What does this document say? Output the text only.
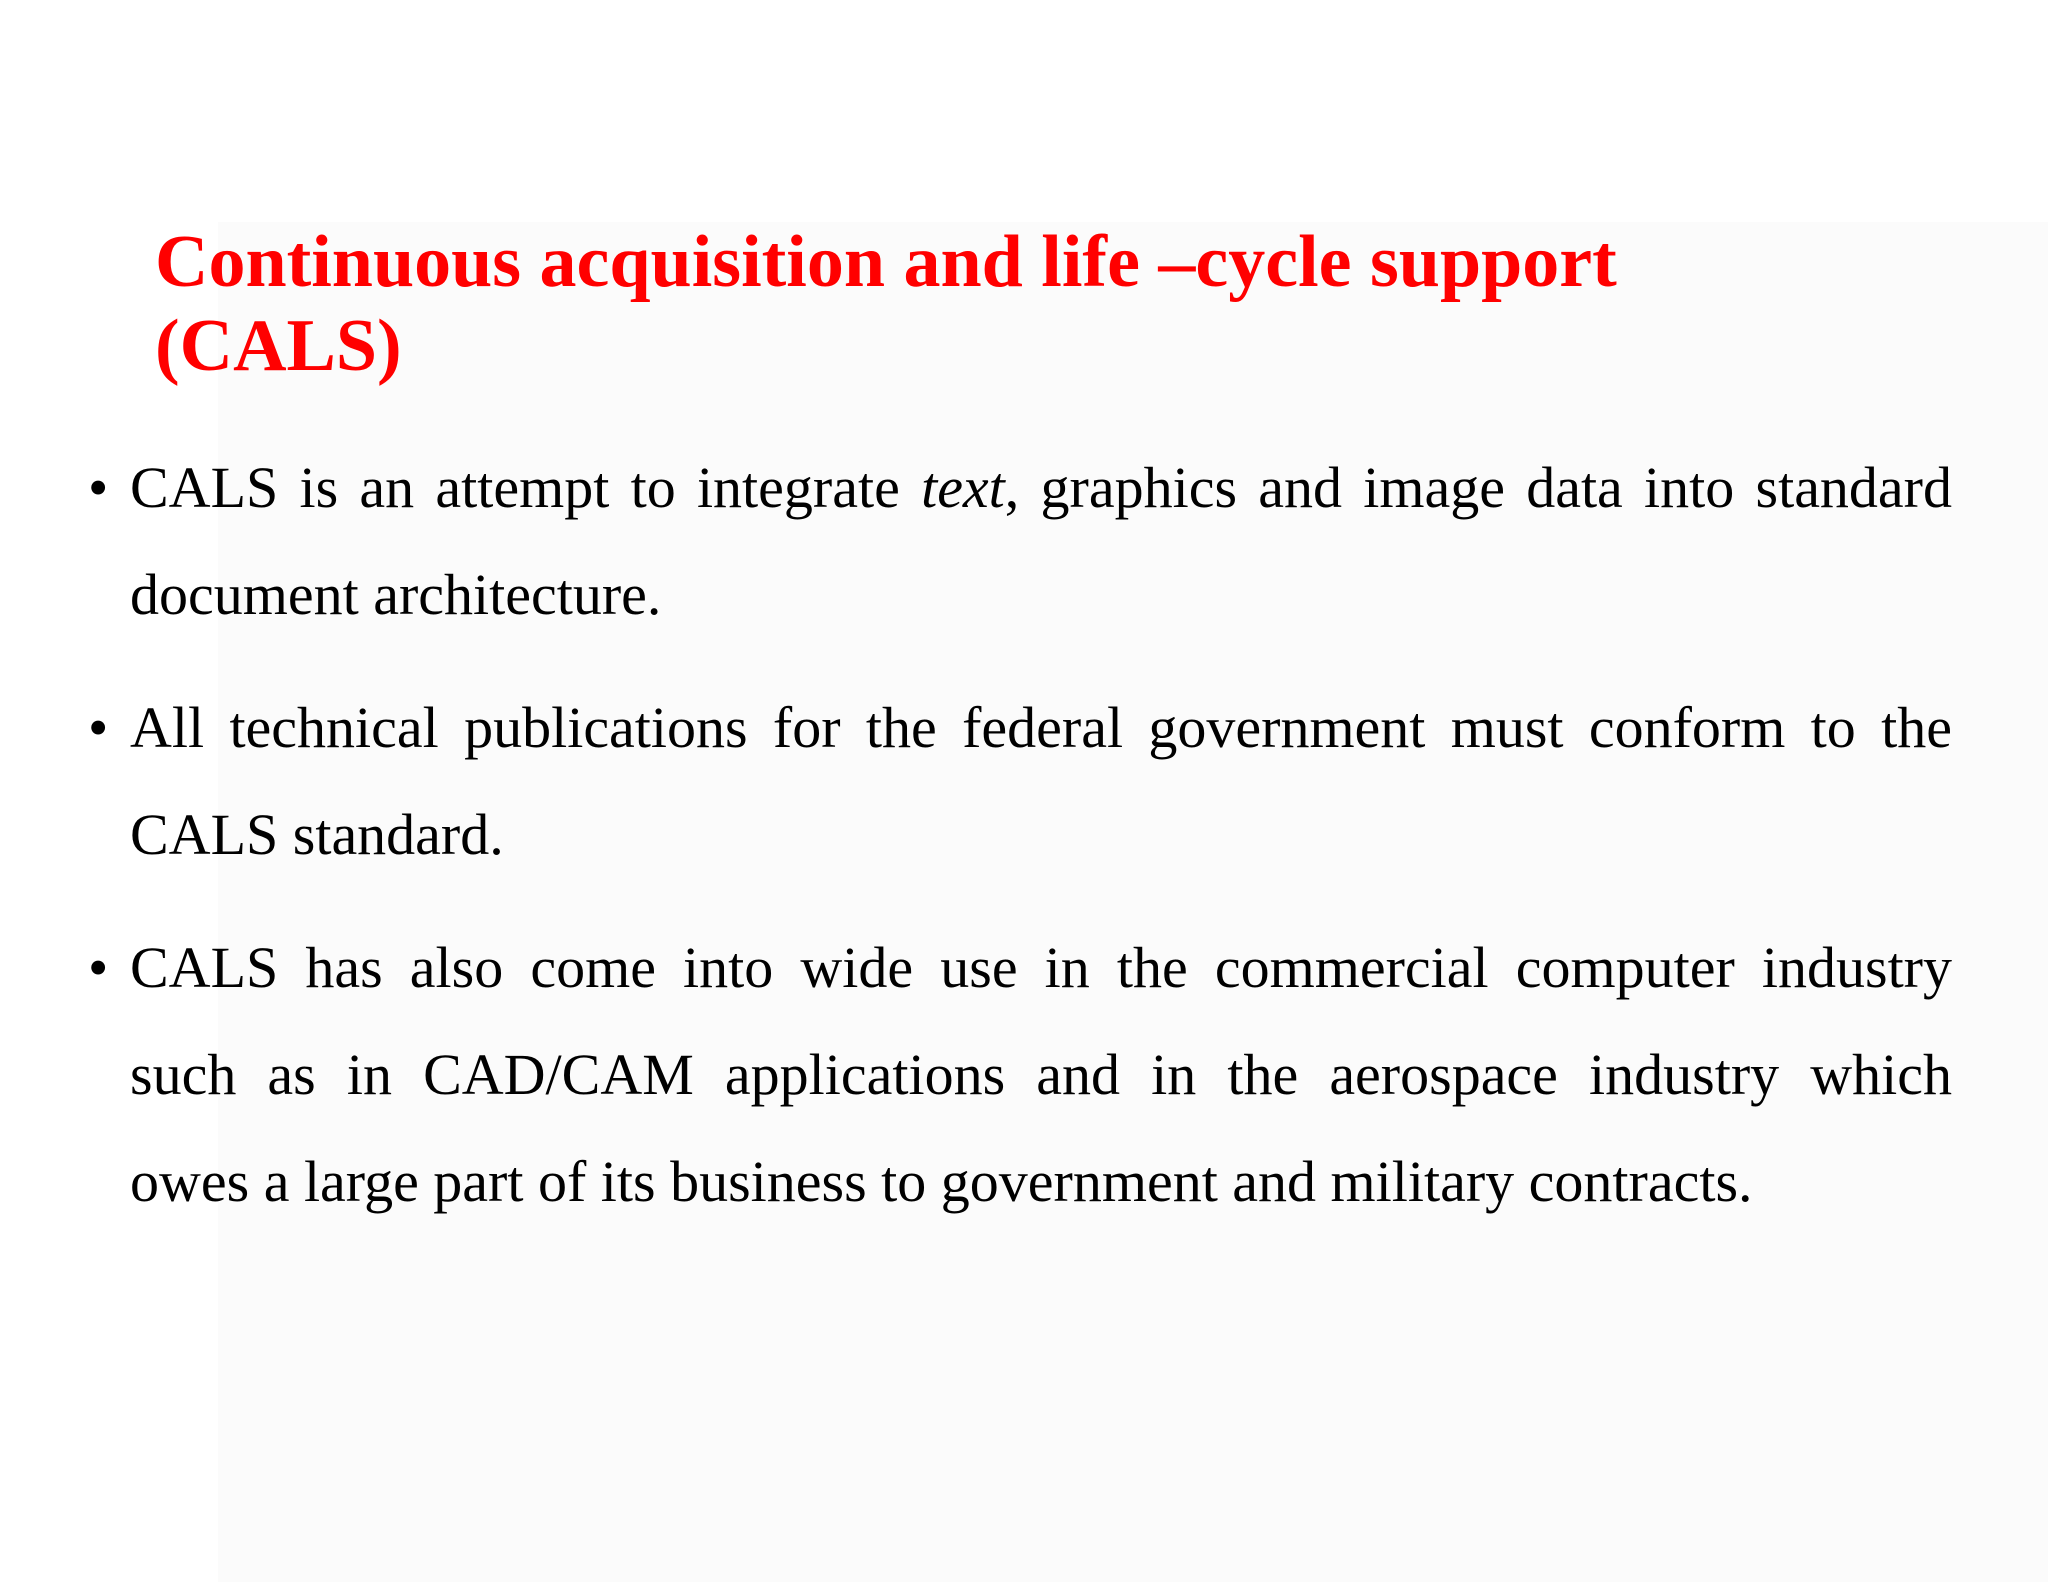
Continuous acquisition and life –cycle support
(CALS)
• CALS is an attempt to integrate text, graphics and image data into standard
document architecture.

• All technical publications for the federal government must conform to the
CALS standard.

• CALS has also come into wide use in the commercial computer industry
such as in CAD/CAM applications and in the aerospace industry which
owes a large part of its business to government and military contracts.
